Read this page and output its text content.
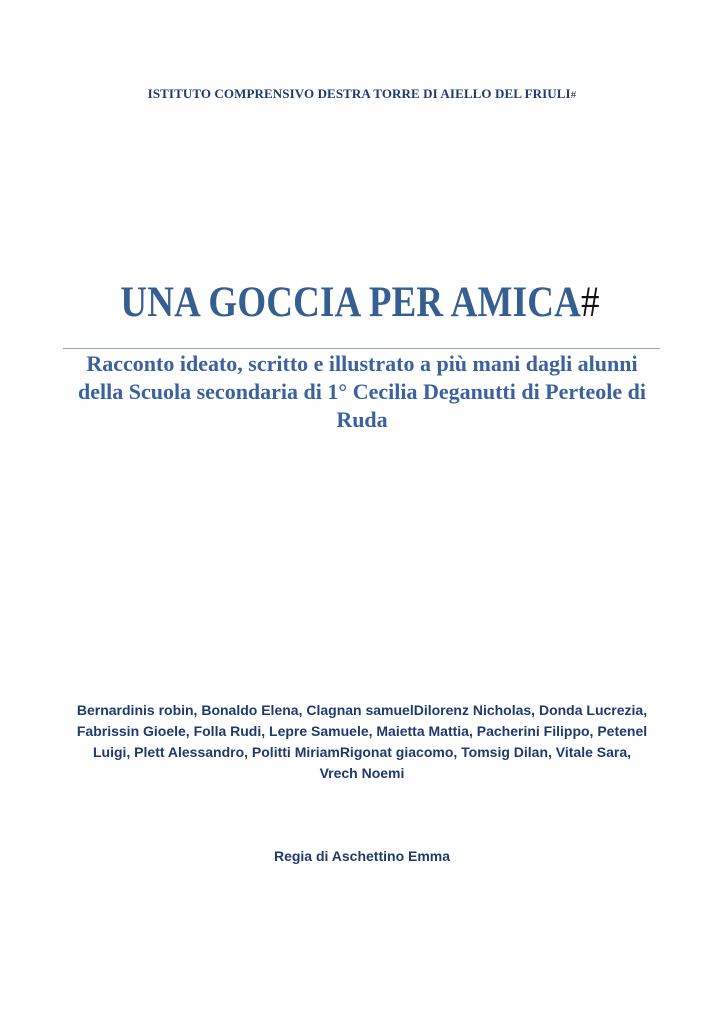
ISTITUTO COMPRENSIVO DESTRA TORRE DI AIELLO DEL FRIULI#
UNA GOCCIA PER AMICA#
Racconto ideato, scritto e illustrato a più mani dagli alunni della Scuola secondaria di 1° Cecilia Deganutti di Perteole di Ruda
Bernardinis robin, Bonaldo Elena, Clagnan samuelDilorenz Nicholas, Donda Lucrezia, Fabrissin Gioele, Folla Rudi, Lepre Samuele, Maietta Mattia, Pacherini Filippo, Petenel Luigi, Plett Alessandro, Politti MiriamRigonat giacomo, Tomsig Dilan, Vitale Sara, Vrech Noemi
Regia di Aschettino Emma
